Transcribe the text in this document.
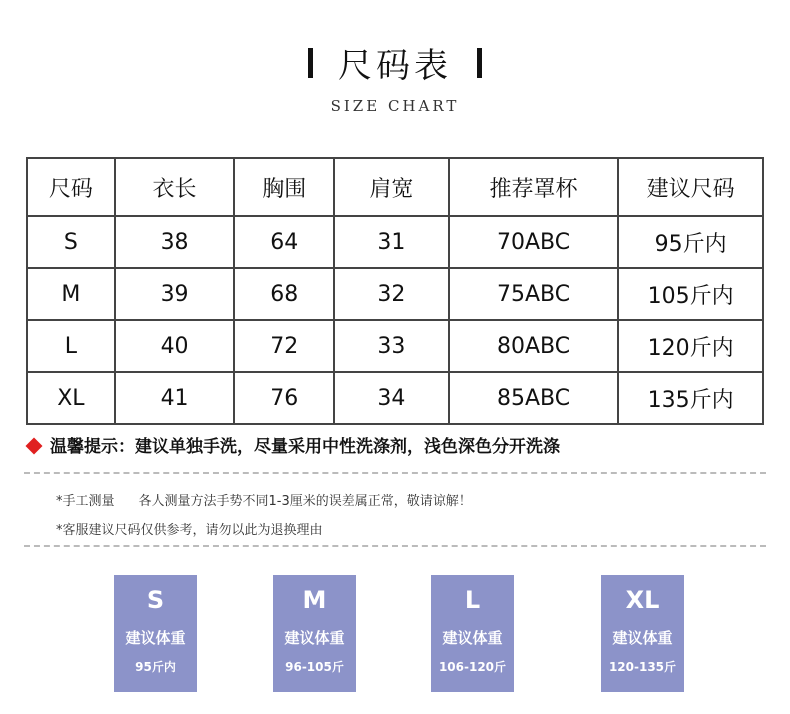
尺码表
SIZE CHART
尺码	衣长	胸围	肩宽	推荐罩杯	建议尺码
S	38	64	31	70ABC	95斤内
M	39	68	32	75ABC	105斤内
L	40	72	33	80ABC	120斤内
XL	41	76	34	85ABC	135斤内
温馨提示：建议单独手洗，尽量采用中性洗涤剂，浅色深色分开洗涤
*手工测量 各人测量方法手势不同1-3厘米的误差属正常，敬请谅解！
*客服建议尺码仅供参考，请勿以此为退换理由
S
建议体重
95斤内
M
建议体重
96-105斤
L
建议体重
106-120斤
XL
建议体重
120-135斤
